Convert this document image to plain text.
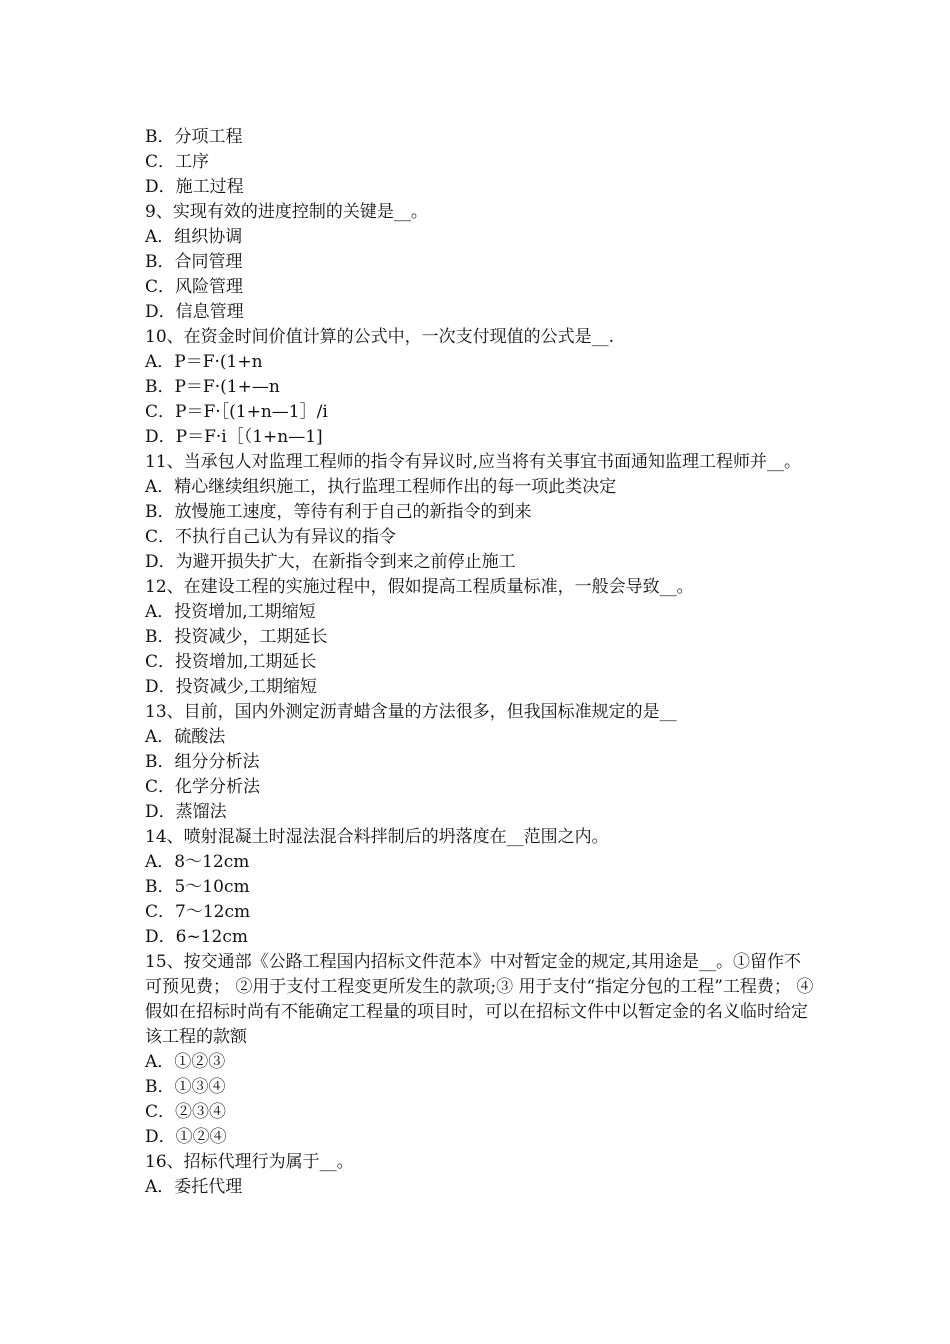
B．分项工程
C．工序
D．施工过程
9、实现有效的进度控制的关键是__。
A．组织协调
B．合同管理
C．风险管理
D．信息管理
10、在资金时间价值计算的公式中，一次支付现值的公式是__.
A．P＝F·(1+n
B．P＝F·(1+—n
C．P＝F·［(1+n—1］/i
D．P＝F·i［（1+n—1]
11、当承包人对监理工程师的指令有异议时,应当将有关事宜书面通知监理工程师并__。
A．精心继续组织施工，执行监理工程师作出的每一项此类决定
B．放慢施工速度，等待有利于自己的新指令的到来
C．不执行自己认为有异议的指令
D．为避开损失扩大，在新指令到来之前停止施工
12、在建设工程的实施过程中，假如提高工程质量标准，一般会导致__。
A．投资增加,工期缩短
B．投资减少，工期延长
C．投资增加,工期延长
D．投资减少,工期缩短
13、目前，国内外测定沥青蜡含量的方法很多，但我国标准规定的是__
A．硫酸法
B．组分分析法
C．化学分析法
D．蒸馏法
14、喷射混凝土时湿法混合料拌制后的坍落度在__范围之内。
A．8～12cm
B．5～10cm
C．7～12cm
D．6~12cm
15、按交通部《公路工程国内招标文件范本》中对暂定金的规定,其用途是__。①留作不可预见费； ②用于支付工程变更所发生的款项;③ 用于支付“指定分包的工程”工程费； ④假如在招标时尚有不能确定工程量的项目时，可以在招标文件中以暂定金的名义临时给定该工程的款额
A．①②③
B．①③④
C．②③④
D．①②④
16、招标代理行为属于__。
A．委托代理
